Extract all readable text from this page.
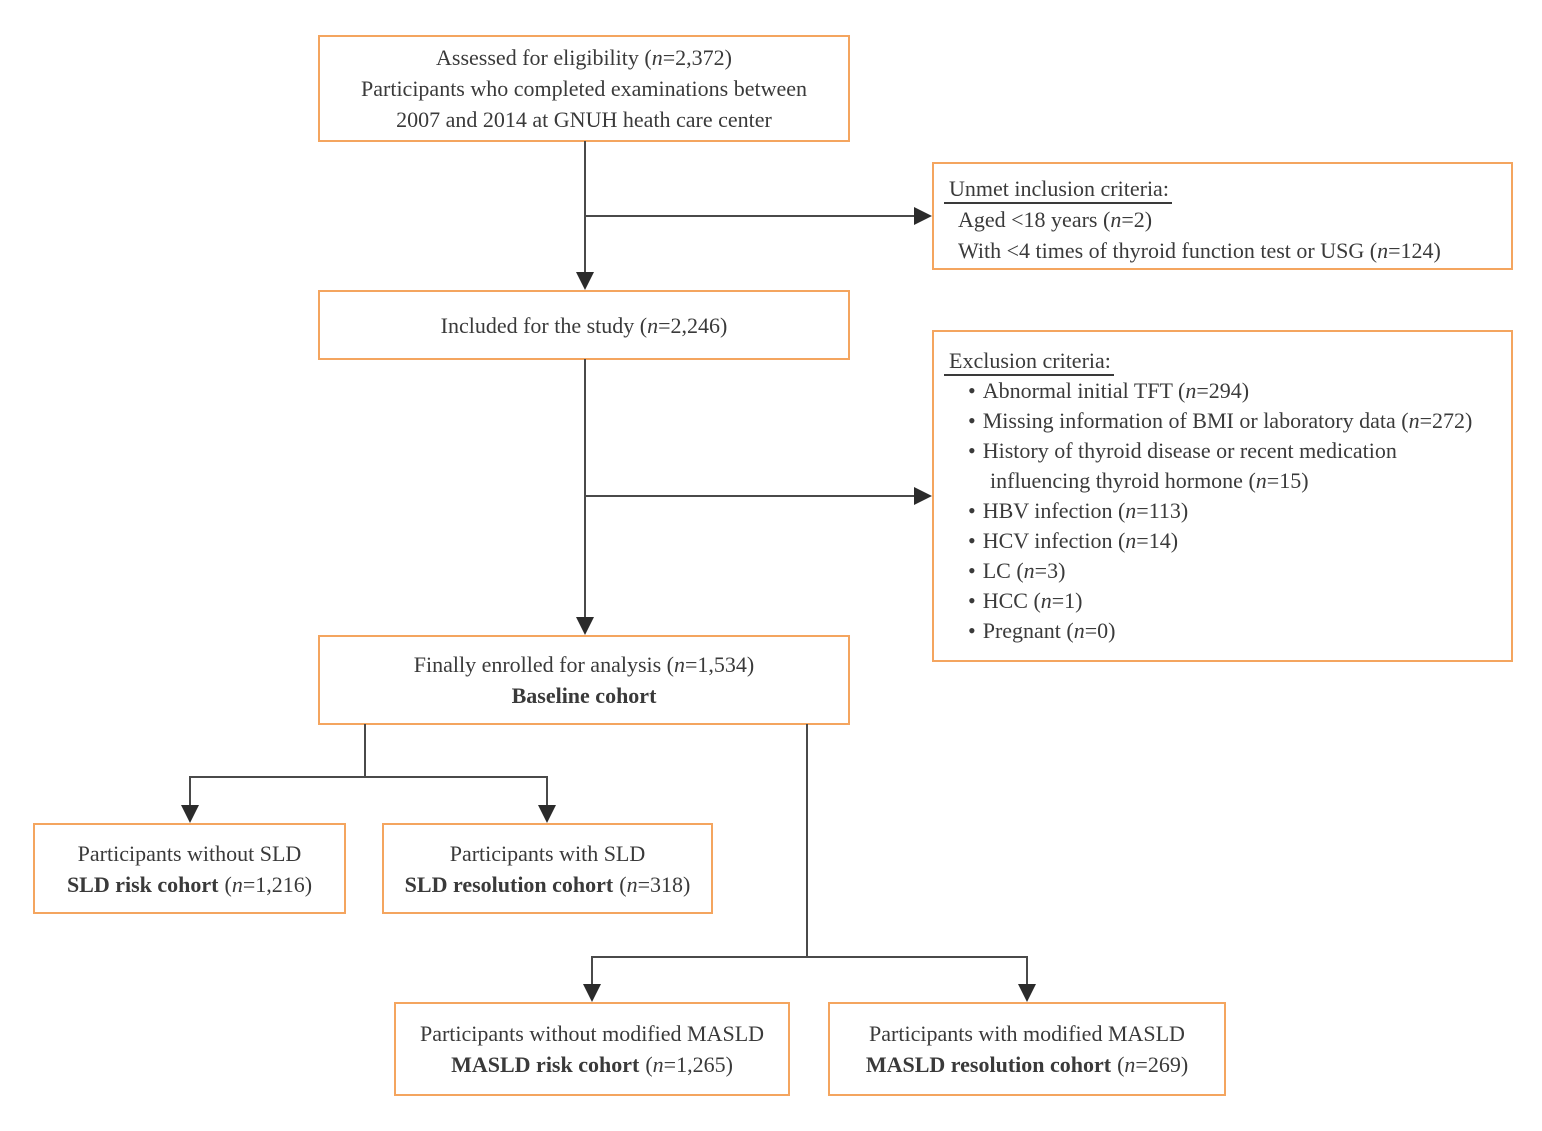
Assessed for eligibility (n=2,372)
Participants who completed examinations between
2007 and 2014 at GNUH heath care center
Unmet inclusion criteria:
Aged <18 years (n=2)
With <4 times of thyroid function test or USG (n=124)
Included for the study (n=2,246)
Exclusion criteria:
• Abnormal initial TFT (n=294)
• Missing information of BMI or laboratory data (n=272)
• History of thyroid disease or recent medication
influencing thyroid hormone (n=15)
• HBV infection (n=113)
• HCV infection (n=14)
• LC (n=3)
• HCC (n=1)
• Pregnant (n=0)
Finally enrolled for analysis (n=1,534)
Baseline cohort
Participants without SLD
SLD risk cohort (n=1,216)
Participants with SLD
SLD resolution cohort (n=318)
Participants without modified MASLD
MASLD risk cohort (n=1,265)
Participants with modified MASLD
MASLD resolution cohort (n=269)
